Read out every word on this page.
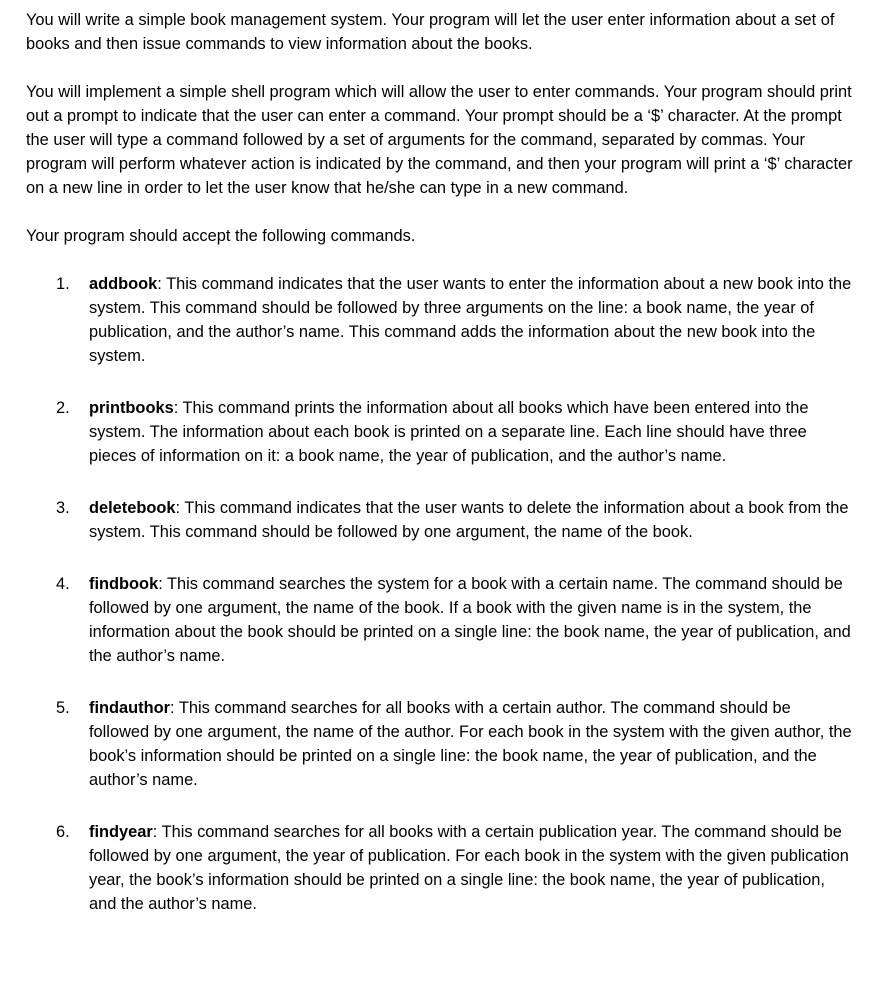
You will write a simple book management system. Your program will let the user enter information about a set of books and then issue commands to view information about the books.

You will implement a simple shell program which will allow the user to enter commands. Your program should print out a prompt to indicate that the user can enter a command. Your prompt should be a ‘$’ character. At the prompt the user will type a command followed by a set of arguments for the command, separated by commas. Your program will perform whatever action is indicated by the command, and then your program will print a ‘$’ character on a new line in order to let the user know that he/she can type in a new command.

Your program should accept the following commands.

1. addbook: This command indicates that the user wants to enter the information about a new book into the system. This command should be followed by three arguments on the line: a book name, the year of publication, and the author’s name. This command adds the information about the new book into the system.
2. printbooks: This command prints the information about all books which have been entered into the system. The information about each book is printed on a separate line. Each line should have three pieces of information on it: a book name, the year of publication, and the author’s name.
3. deletebook: This command indicates that the user wants to delete the information about a book from the system. This command should be followed by one argument, the name of the book.
4. findbook: This command searches the system for a book with a certain name. The command should be followed by one argument, the name of the book. If a book with the given name is in the system, the information about the book should be printed on a single line: the book name, the year of publication, and the author’s name.
5. findauthor: This command searches for all books with a certain author. The command should be followed by one argument, the name of the author. For each book in the system with the given author, the book’s information should be printed on a single line: the book name, the year of publication, and the author’s name.
6. findyear: This command searches for all books with a certain publication year. The command should be followed by one argument, the year of publication. For each book in the system with the given publication year, the book’s information should be printed on a single line: the book name, the year of publication, and the author’s name.
